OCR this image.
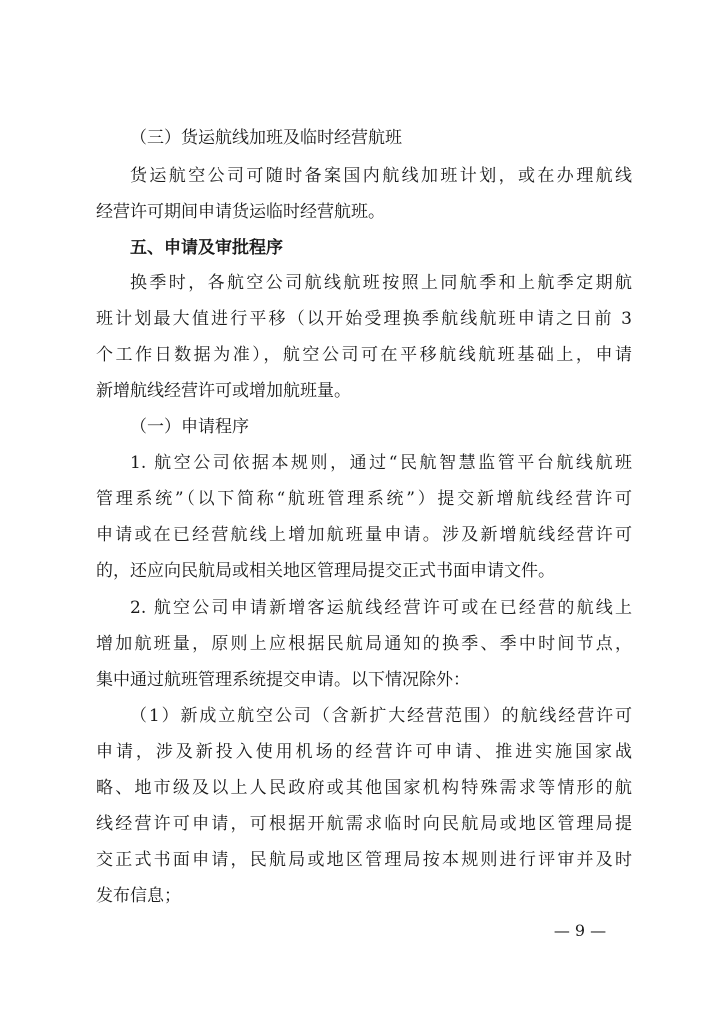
（三）货运航线加班及临时经营航班
货运航空公司可随时备案国内航线加班计划，或在办理航线
经营许可期间申请货运临时经营航班。
五、申请及审批程序
换季时，各航空公司航线航班按照上同航季和上航季定期航
班计划最大值进行平移（以开始受理换季航线航班申请之日前 3
个工作日数据为准），航空公司可在平移航线航班基础上，申请
新增航线经营许可或增加航班量。
（一）申请程序
1. 航空公司依据本规则，通过“民航智慧监管平台航线航班
管理系统”（以下简称“航班管理系统”）提交新增航线经营许可
申请或在已经营航线上增加航班量申请。涉及新增航线经营许可
的，还应向民航局或相关地区管理局提交正式书面申请文件。
2. 航空公司申请新增客运航线经营许可或在已经营的航线上
增加航班量，原则上应根据民航局通知的换季、季中时间节点，
集中通过航班管理系统提交申请。以下情况除外：
（1）新成立航空公司（含新扩大经营范围）的航线经营许可
申请，涉及新投入使用机场的经营许可申请、推进实施国家战
略、地市级及以上人民政府或其他国家机构特殊需求等情形的航
线经营许可申请，可根据开航需求临时向民航局或地区管理局提
交正式书面申请，民航局或地区管理局按本规则进行评审并及时
发布信息；
— 9 —
